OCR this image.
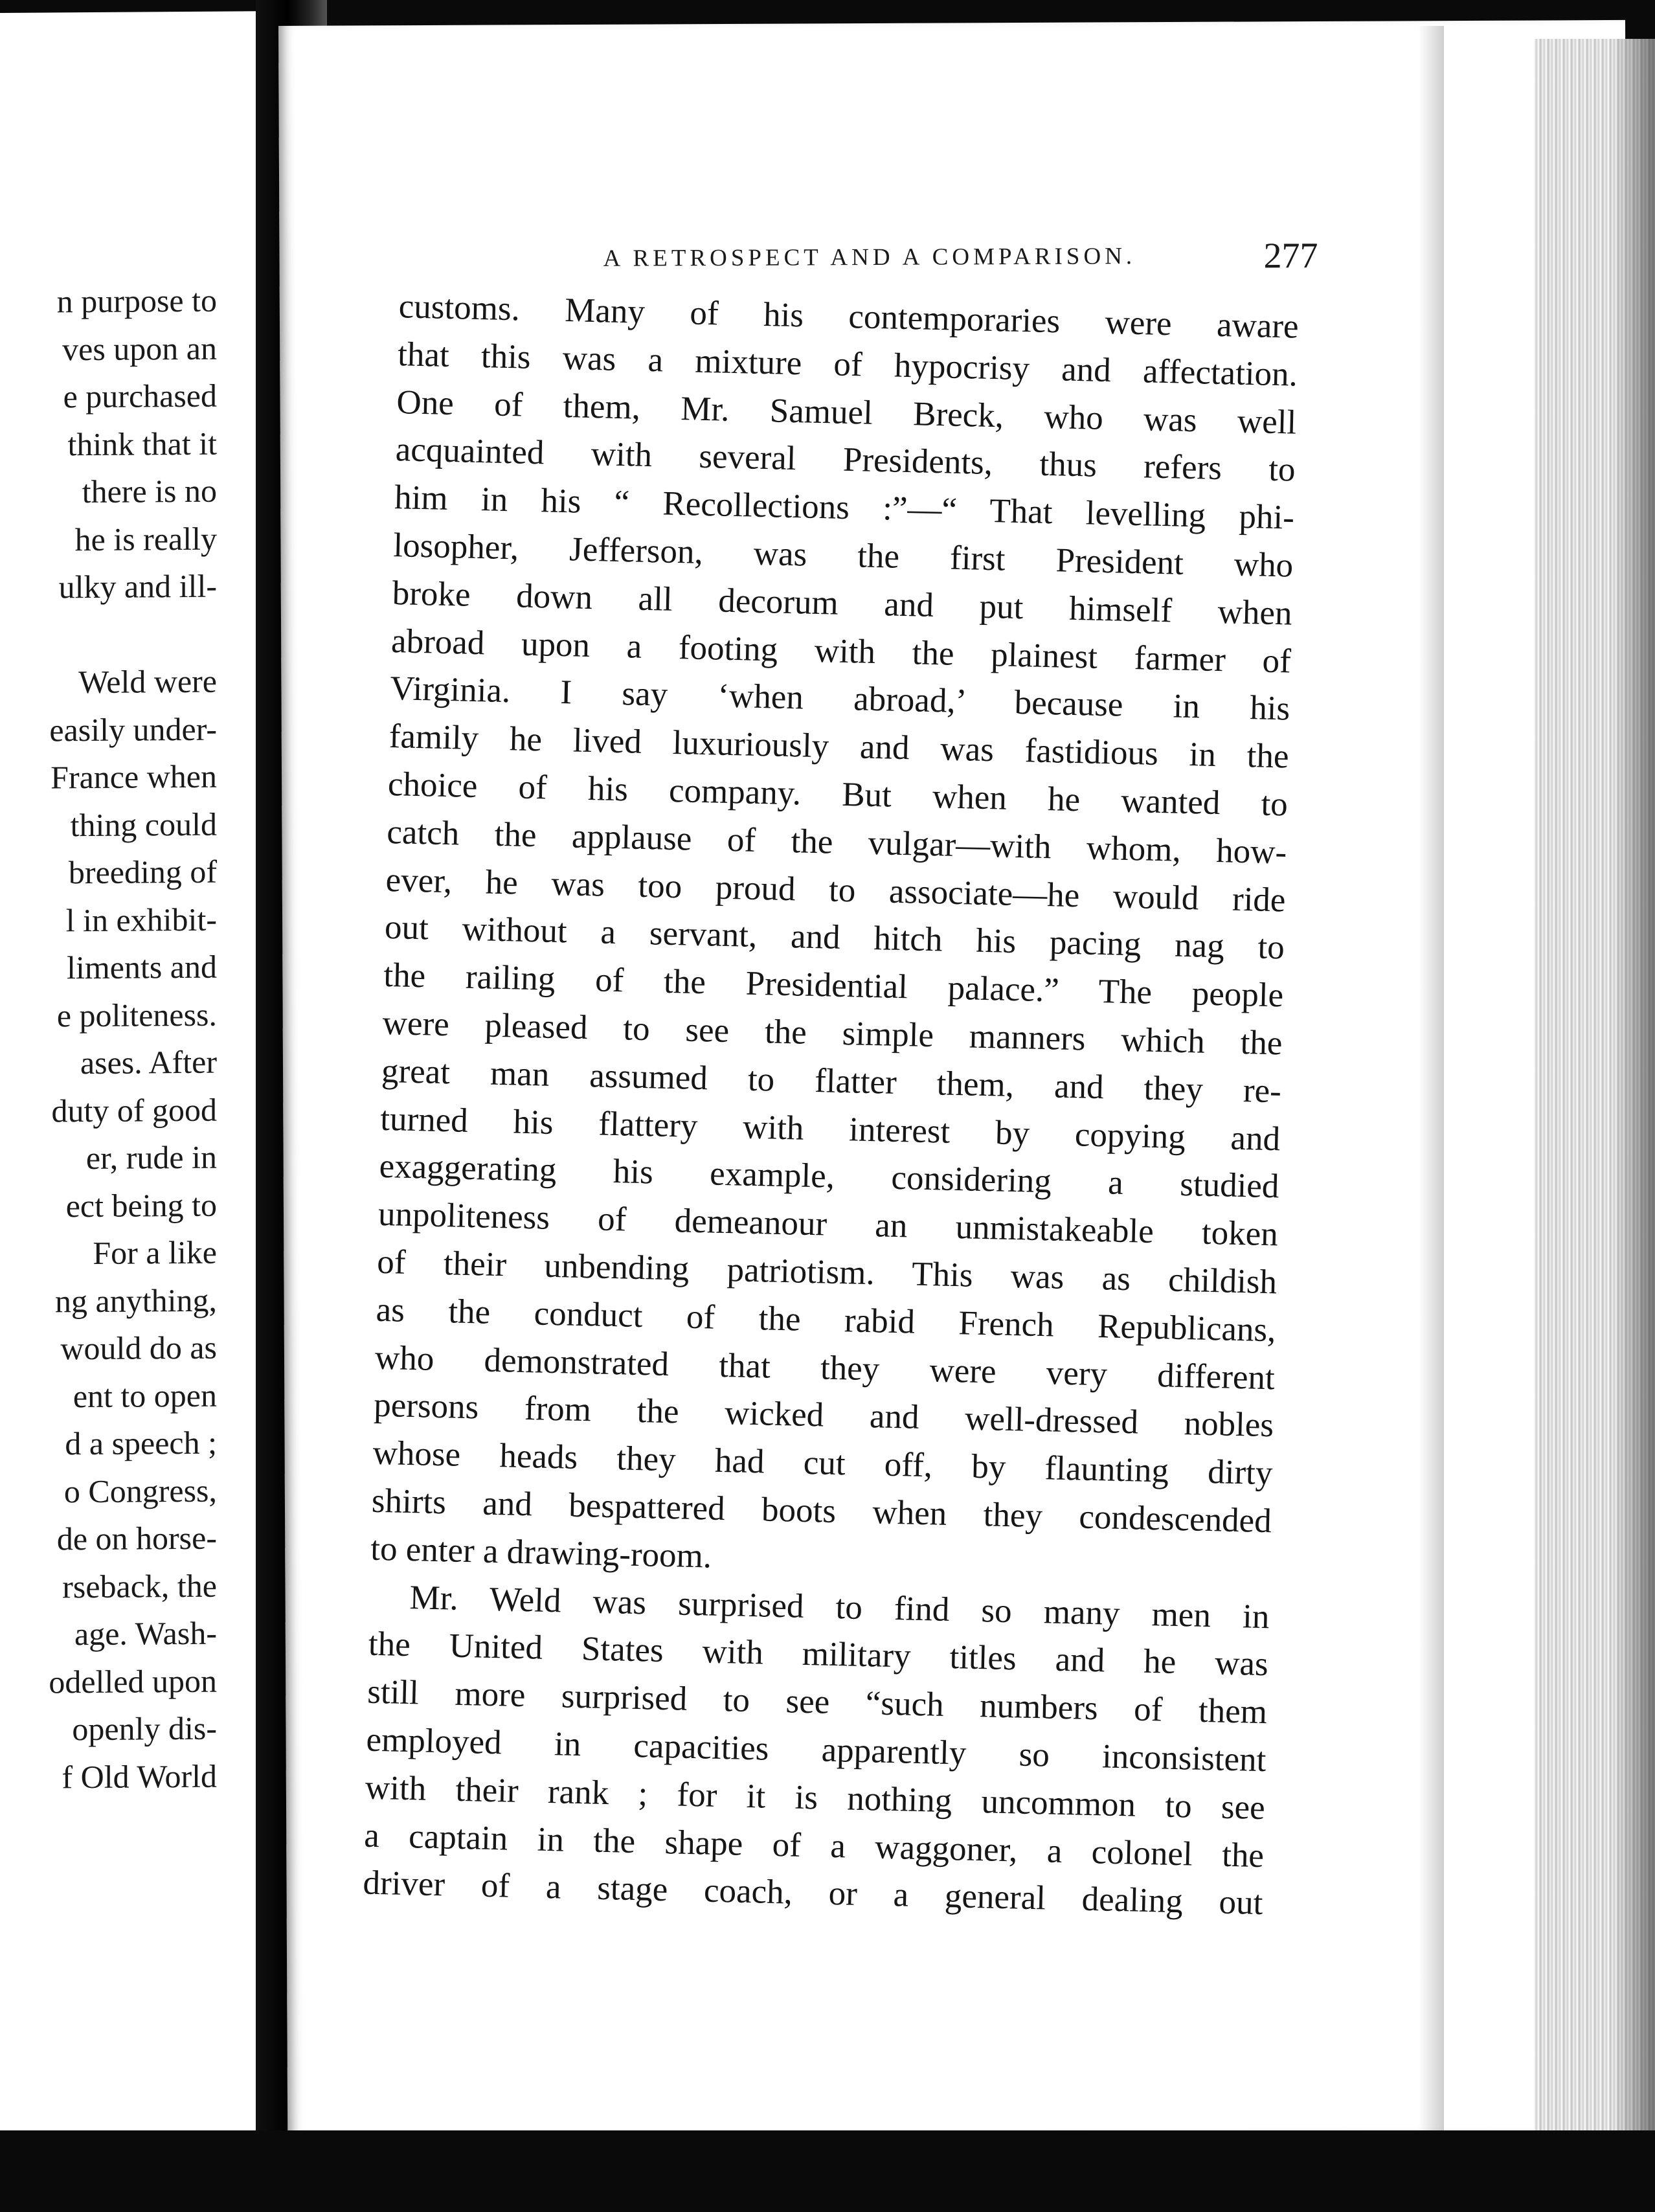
n purpose to
ves upon an
e purchased
think that it
there is no
he is really
ulky and ill-
Weld were
easily under-
France when
thing could
breeding of
l in exhibit-
liments and
e politeness.
ases. After
duty of good
er, rude in
ect being to
For a like
ng anything,
would do as
ent to open
d a speech ;
o Congress,
de on horse-
rseback, the
age. Wash-
odelled upon
openly dis-
f Old World
A RETROSPECT AND A COMPARISON.	277
customs. Many of his contemporaries were aware
that this was a mixture of hypocrisy and affectation.
One of them, Mr. Samuel Breck, who was well
acquainted with several Presidents, thus refers to
him in his “ Recollections :”—“ That levelling phi-
losopher, Jefferson, was the first President who
broke down all decorum and put himself when
abroad upon a footing with the plainest farmer of
Virginia. I say ‘when abroad,’ because in his
family he lived luxuriously and was fastidious in the
choice of his company. But when he wanted to
catch the applause of the vulgar—with whom, how-
ever, he was too proud to associate—he would ride
out without a servant, and hitch his pacing nag to
the railing of the Presidential palace.” The people
were pleased to see the simple manners which the
great man assumed to flatter them, and they re-
turned his flattery with interest by copying and
exaggerating his example, considering a studied
unpoliteness of demeanour an unmistakeable token
of their unbending patriotism. This was as childish
as the conduct of the rabid French Republicans,
who demonstrated that they were very different
persons from the wicked and well-dressed nobles
whose heads they had cut off, by flaunting dirty
shirts and bespattered boots when they condescended
to enter a drawing-room.
Mr. Weld was surprised to find so many men in
the United States with military titles and he was
still more surprised to see “such numbers of them
employed in capacities apparently so inconsistent
with their rank ; for it is nothing uncommon to see
a captain in the shape of a waggoner, a colonel the
driver of a stage coach, or a general dealing out
